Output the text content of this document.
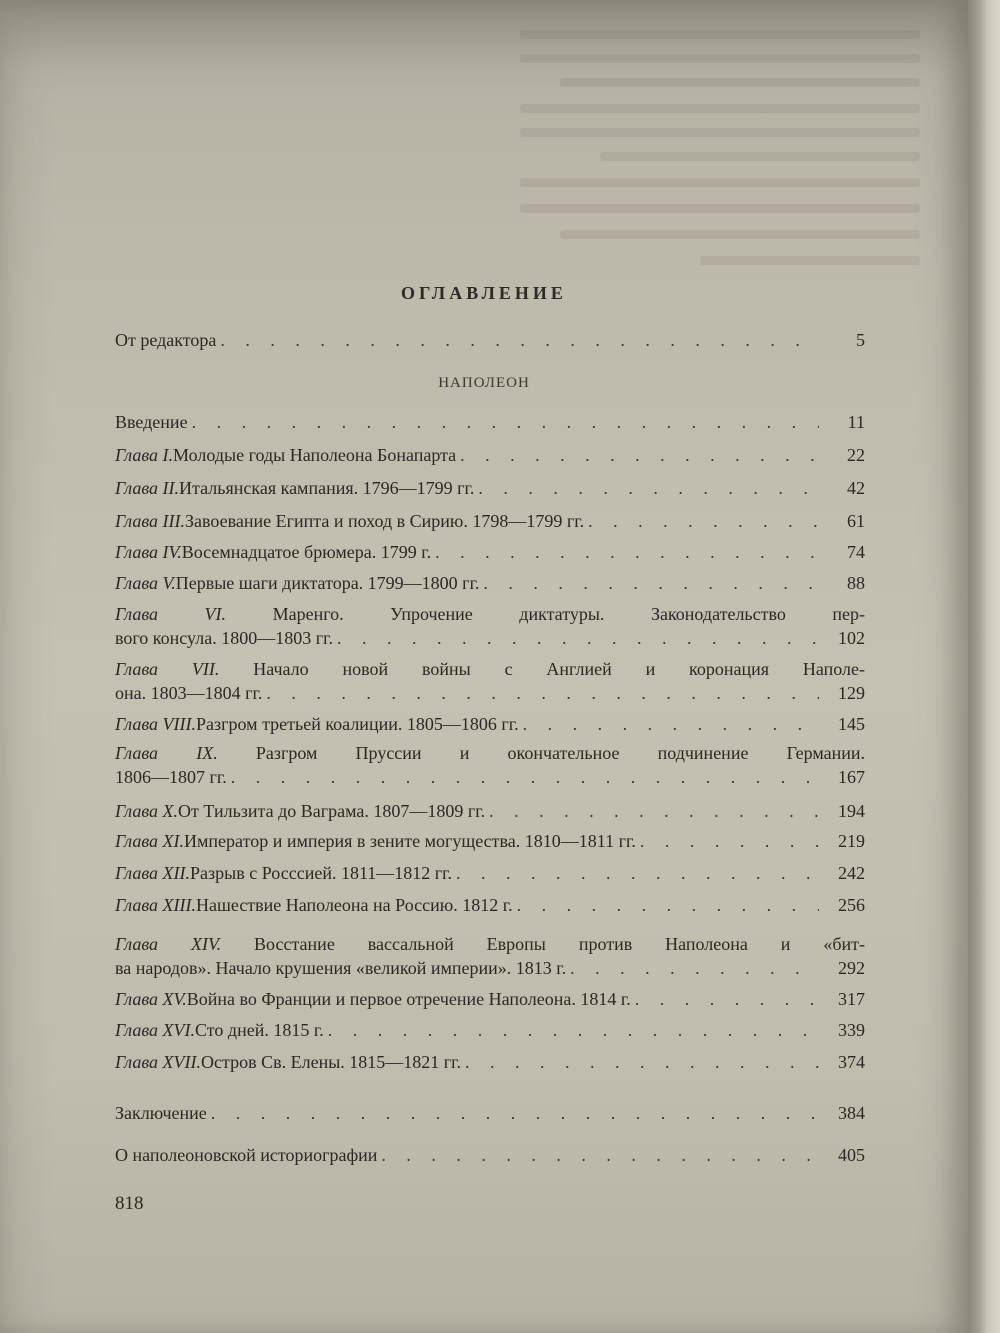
ОГЛАВЛЕНИЕ
НАПОЛЕОН
От редактора . . .	5
Введение . . .	11
Глава I. Молодые годы Наполеона Бонапарта . . .	22
Глава II. Итальянская кампания. 1796—1799 гг. . . .	42
Глава III. Завоевание Египта и поход в Сирию. 1798—1799 гг. . . .	61
Глава IV. Восемнадцатое брюмера. 1799 г. . . .	74
Глава V. Первые шаги диктатора. 1799—1800 гг. . . .	88
Глава VI. Маренго. Упрочение диктатуры. Законодательство пер-
вого консула. 1800—1803 гг. . . .	102
Глава VII. Начало новой войны с Англией и коронация Наполе-
она. 1803—1804 гг. . . .	129
Глава VIII. Разгром третьей коалиции. 1805—1806 гг. . . .	145
Глава IX. Разгром Пруссии и окончательное подчинение Германии.
1806—1807 гг. . . .	167
Глава X. От Тильзита до Ваграма. 1807—1809 гг. . . .	194
Глава XI. Император и империя в зените могущества. 1810—1811 гг. . . .	219
Глава XII. Разрыв с Россcией. 1811—1812 гг. . . .	242
Глава XIII. Нашествие Наполеона на Россию. 1812 г. . . .	256
Глава XIV. Восстание вассальной Европы против Наполеона и «бит-
ва народов». Начало крушения «великой империи». 1813 г. . . .	292
Глава XV. Война во Франции и первое отречение Наполеона. 1814 г. . . .	317
Глава XVI. Сто дней. 1815 г. . . .	339
Глава XVII. Остров Св. Елены. 1815—1821 гг. . . .	374
Заключение . . .	384
О наполеоновской историографии . . .	405
818
